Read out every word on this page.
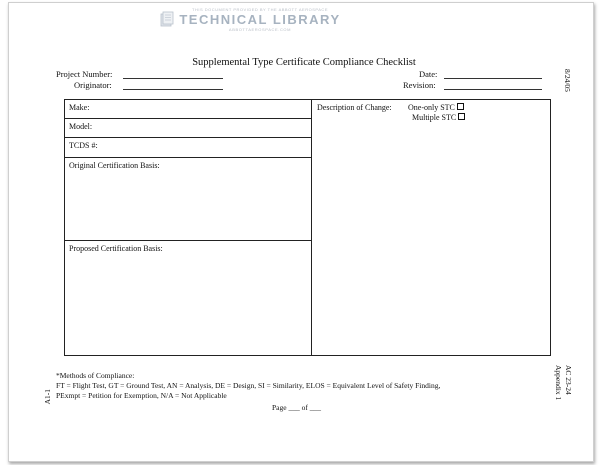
THIS DOCUMENT PROVIDED BY THE ABBOTT AEROSPACE
TECHNICAL LIBRARY
ABBOTTAEROSPACE.COM
Supplemental Type Certificate Compliance Checklist
Project Number:
Originator:
Date:
Revision:
Make:
Model:
TCDS #:
Original Certification Basis:
Proposed Certification Basis:
Description of Change: One-only STC
Multiple STC
*Methods of Compliance:
FT = Flight Test, GT = Ground Test, AN = Analysis, DE = Design, SI = Similarity, ELOS = Equivalent Level of Safety Finding,
PExmpt = Petition for Exemption, N/A = Not Applicable
Page ___ of ___
8/24/05
AC 23-24
Appendix 1
A1-1
